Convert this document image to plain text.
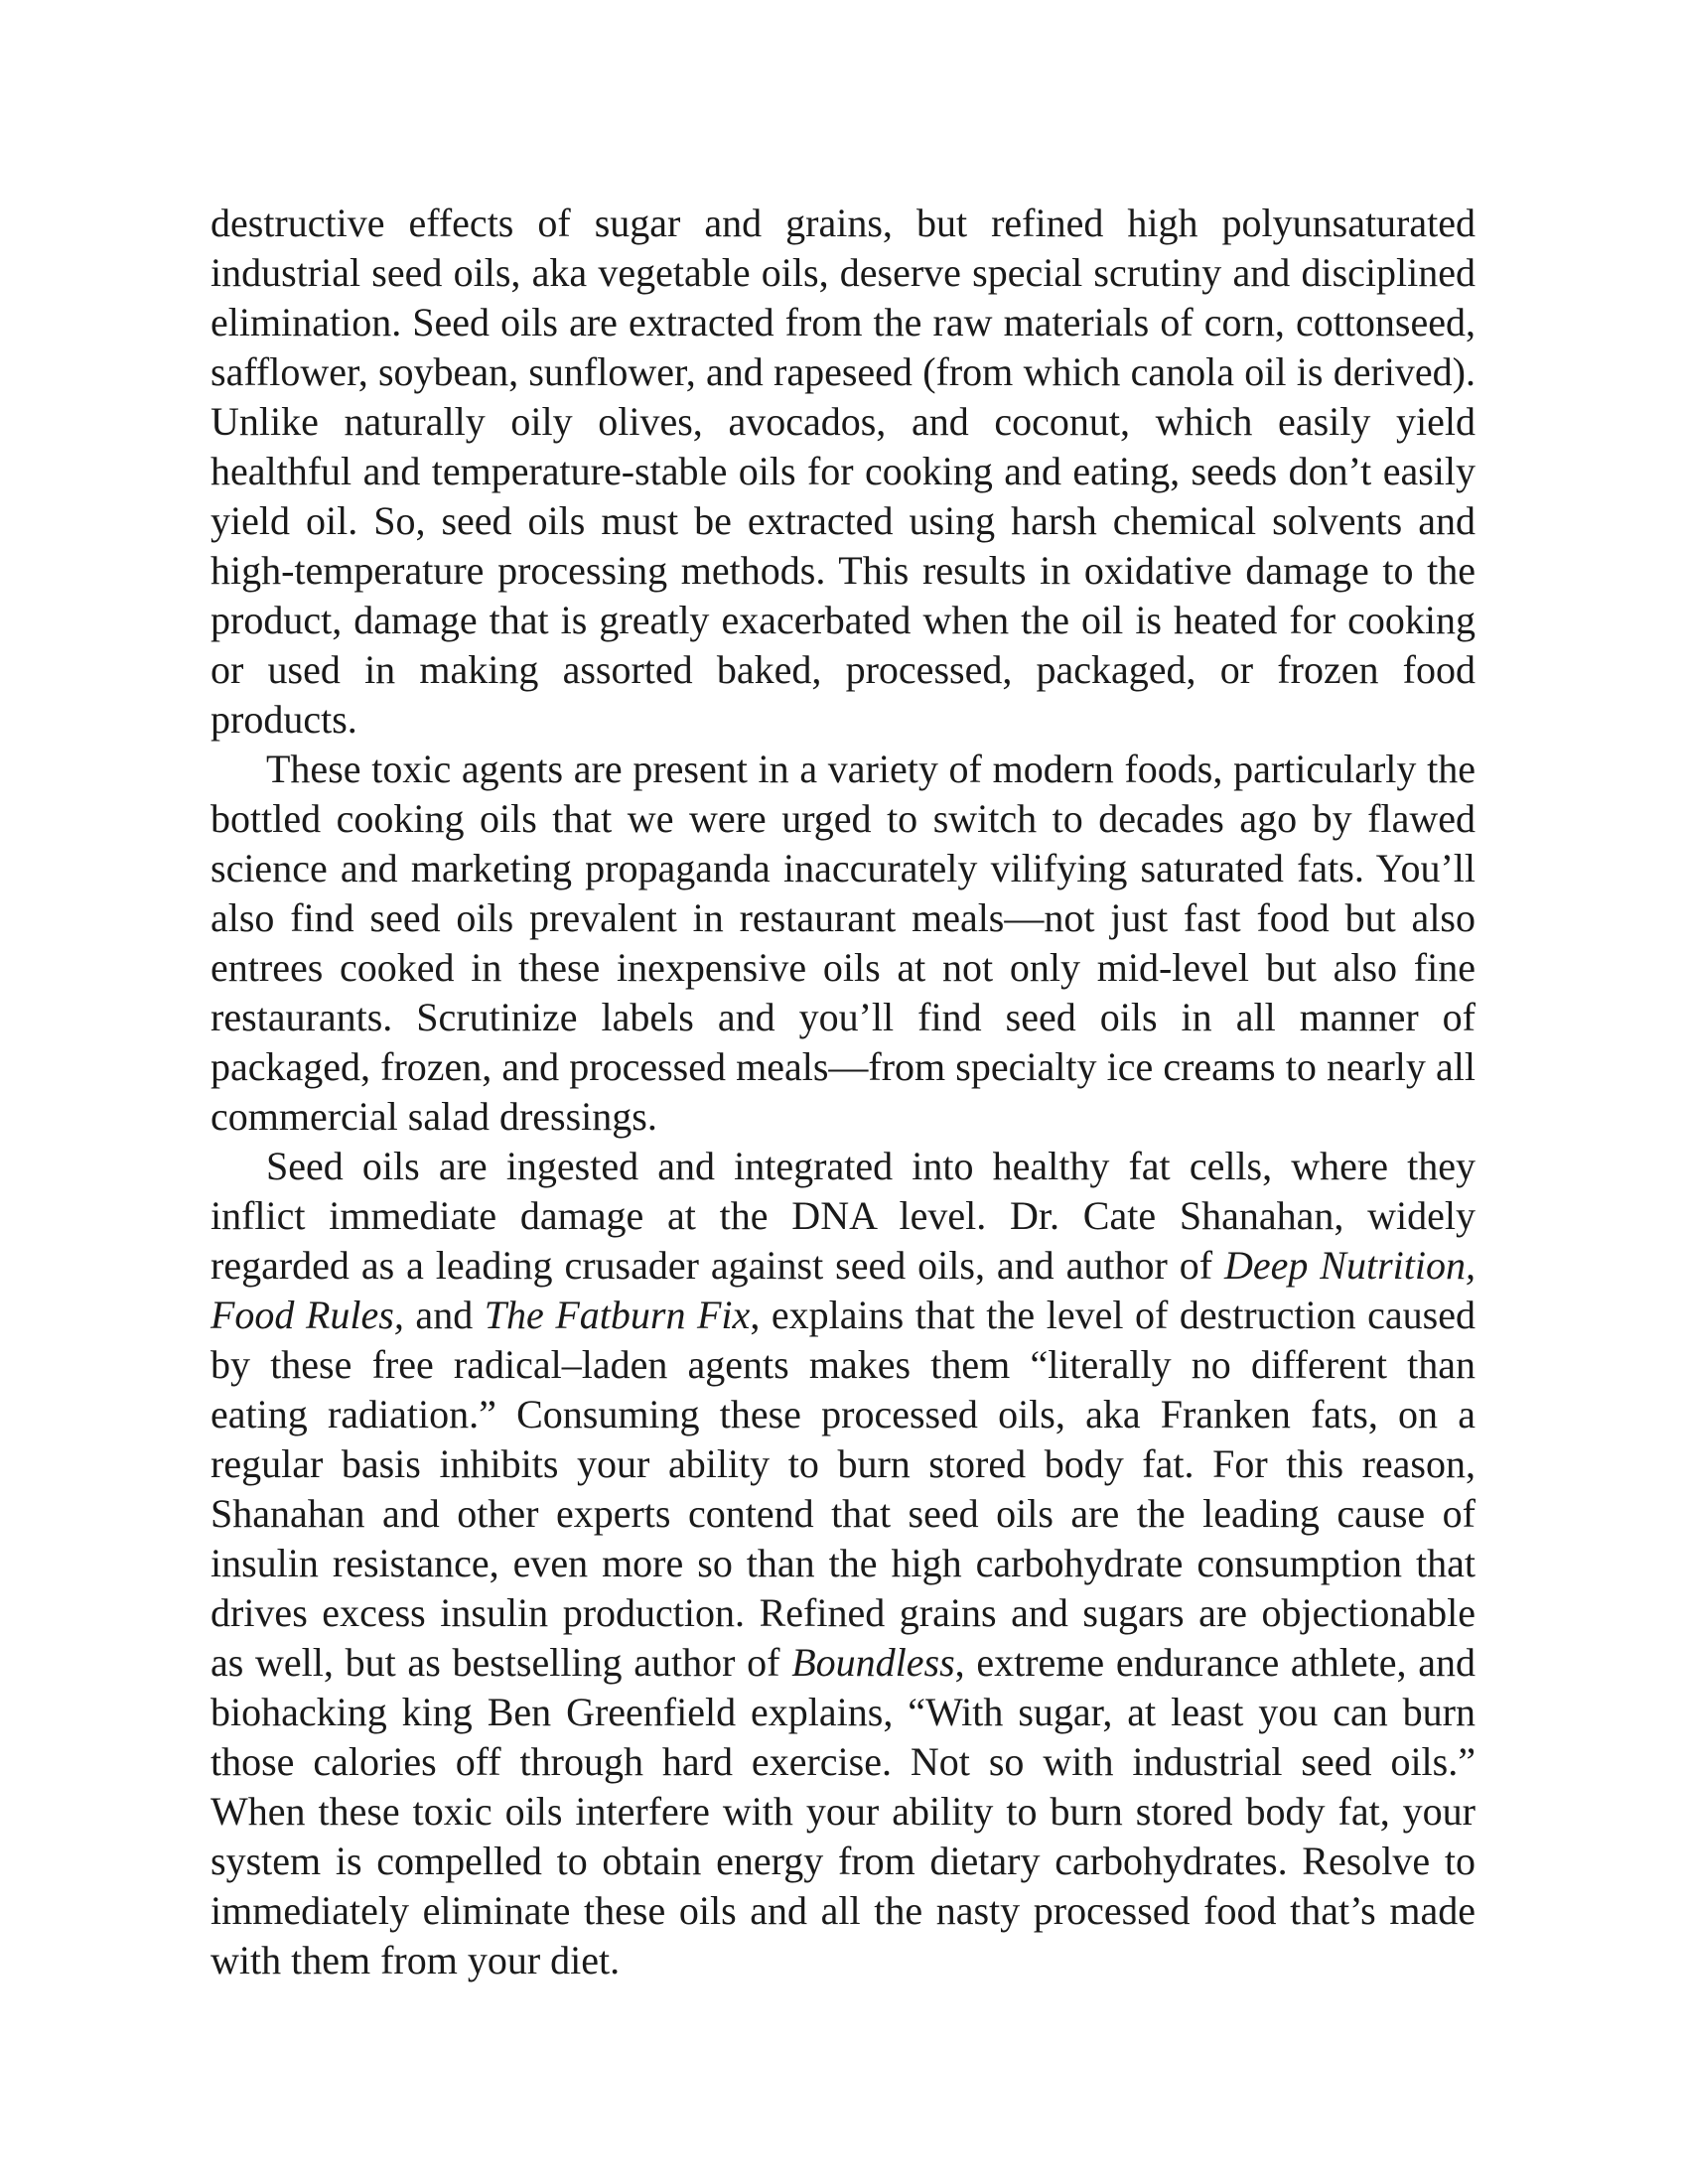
destructive effects of sugar and grains, but refined high polyunsaturated industrial seed oils, aka vegetable oils, deserve special scrutiny and disciplined elimination. Seed oils are extracted from the raw materials of corn, cottonseed, safflower, soybean, sunflower, and rapeseed (from which canola oil is derived). Unlike naturally oily olives, avocados, and coconut, which easily yield healthful and temperature-stable oils for cooking and eating, seeds don’t easily yield oil. So, seed oils must be extracted using harsh chemical solvents and high-temperature processing methods. This results in oxidative damage to the product, damage that is greatly exacerbated when the oil is heated for cooking or used in making assorted baked, processed, packaged, or frozen food products.

These toxic agents are present in a variety of modern foods, particularly the bottled cooking oils that we were urged to switch to decades ago by flawed science and marketing propaganda inaccurately vilifying saturated fats. You’ll also find seed oils prevalent in restaurant meals—not just fast food but also entrees cooked in these inexpensive oils at not only mid-level but also fine restaurants. Scrutinize labels and you’ll find seed oils in all manner of packaged, frozen, and processed meals—from specialty ice creams to nearly all commercial salad dressings.

Seed oils are ingested and integrated into healthy fat cells, where they inflict immediate damage at the DNA level. Dr. Cate Shanahan, widely regarded as a leading crusader against seed oils, and author of Deep Nutrition, Food Rules, and The Fatburn Fix, explains that the level of destruction caused by these free radical–laden agents makes them “literally no different than eating radiation.” Consuming these processed oils, aka Franken fats, on a regular basis inhibits your ability to burn stored body fat. For this reason, Shanahan and other experts contend that seed oils are the leading cause of insulin resistance, even more so than the high carbohydrate consumption that drives excess insulin production. Refined grains and sugars are objectionable as well, but as bestselling author of Boundless, extreme endurance athlete, and biohacking king Ben Greenfield explains, “With sugar, at least you can burn those calories off through hard exercise. Not so with industrial seed oils.” When these toxic oils interfere with your ability to burn stored body fat, your system is compelled to obtain energy from dietary carbohydrates. Resolve to immediately eliminate these oils and all the nasty processed food that’s made with them from your diet.
